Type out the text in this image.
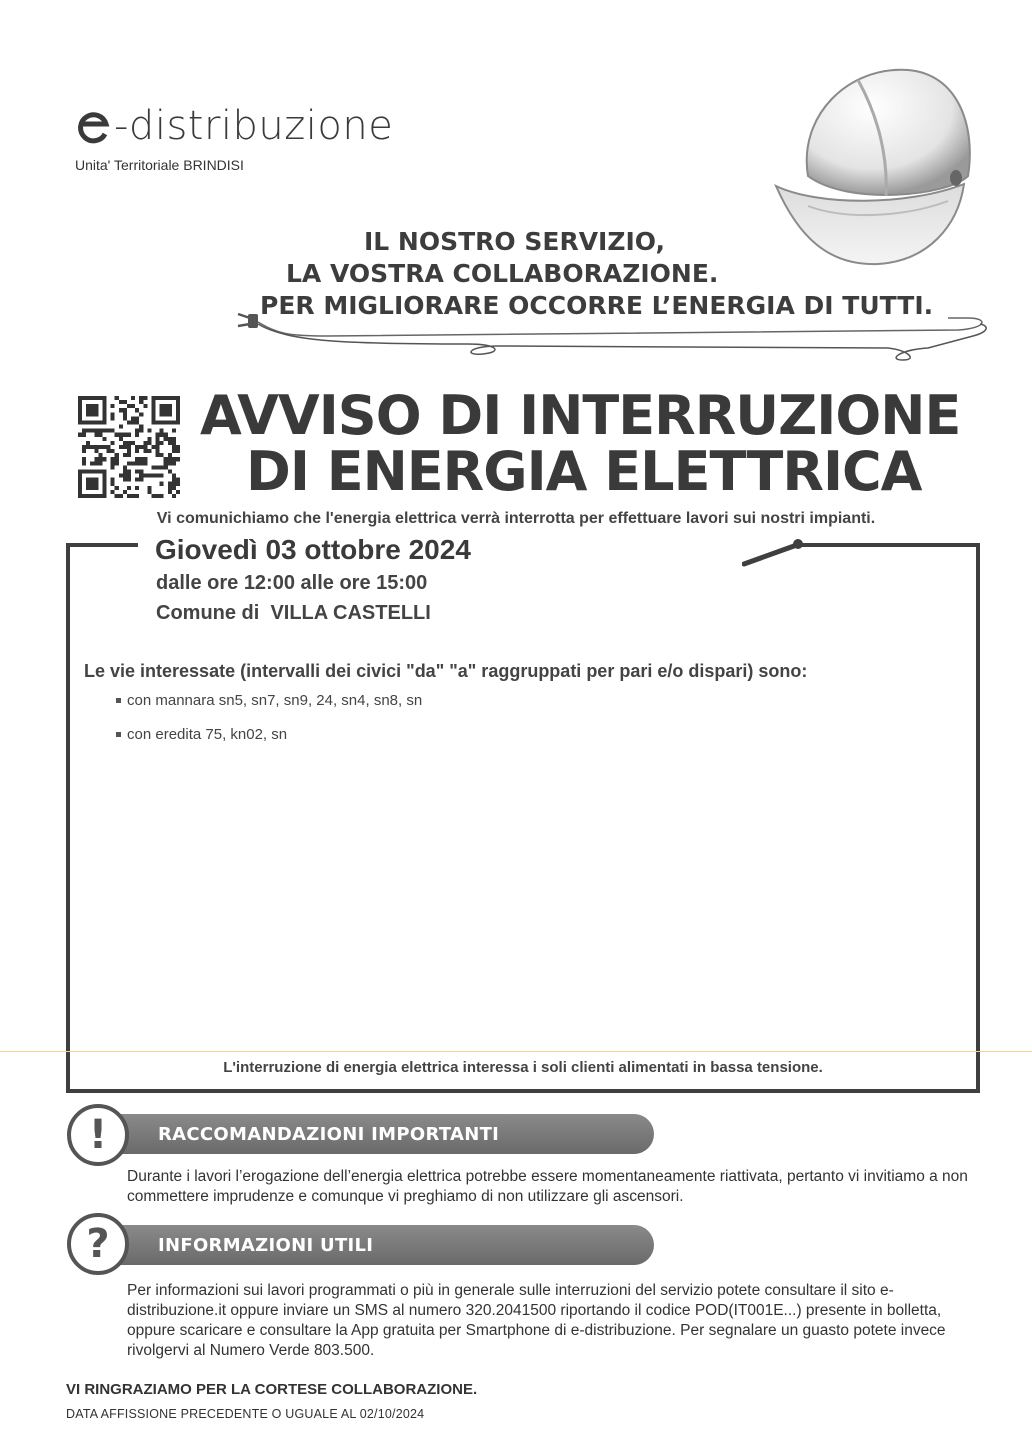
-distribuzione
Unita' Territoriale BRINDISI
IL NOSTRO SERVIZIO,
LA VOSTRA COLLABORAZIONE.
PER MIGLIORARE OCCORRE L’ENERGIA DI TUTTI.
AVVISO DI INTERRUZIONE
DI ENERGIA ELETTRICA
Vi comunichiamo che l'energia elettrica verrà interrotta per effettuare lavori sui nostri impianti.
Giovedì 03 ottobre 2024
dalle ore 12:00 alle ore 15:00
Comune di  VILLA CASTELLI
Le vie interessate (intervalli dei civici "da" "a" raggruppati per pari e/o dispari) sono:
con mannara sn5, sn7, sn9, 24, sn4, sn8, sn
con eredita 75, kn02, sn
L'interruzione di energia elettrica interessa i soli clienti alimentati in bassa tensione.
RACCOMANDAZIONI IMPORTANTI
!
Durante i lavori l’erogazione dell’energia elettrica potrebbe essere momentaneamente riattivata, pertanto vi invitiamo a non commettere imprudenze e comunque vi preghiamo di non utilizzare gli ascensori.
INFORMAZIONI UTILI
?
Per informazioni sui lavori programmati o più in generale sulle interruzioni del servizio potete consultare il sito e-distribuzione.it oppure inviare un SMS al numero 320.2041500 riportando il codice POD(IT001E...) presente in bolletta, oppure scaricare e consultare la App gratuita per Smartphone di e-distribuzione. Per segnalare un guasto potete invece rivolgervi al Numero Verde 803.500.
VI RINGRAZIAMO PER LA CORTESE COLLABORAZIONE.
DATA AFFISSIONE PRECEDENTE O UGUALE AL 02/10/2024
